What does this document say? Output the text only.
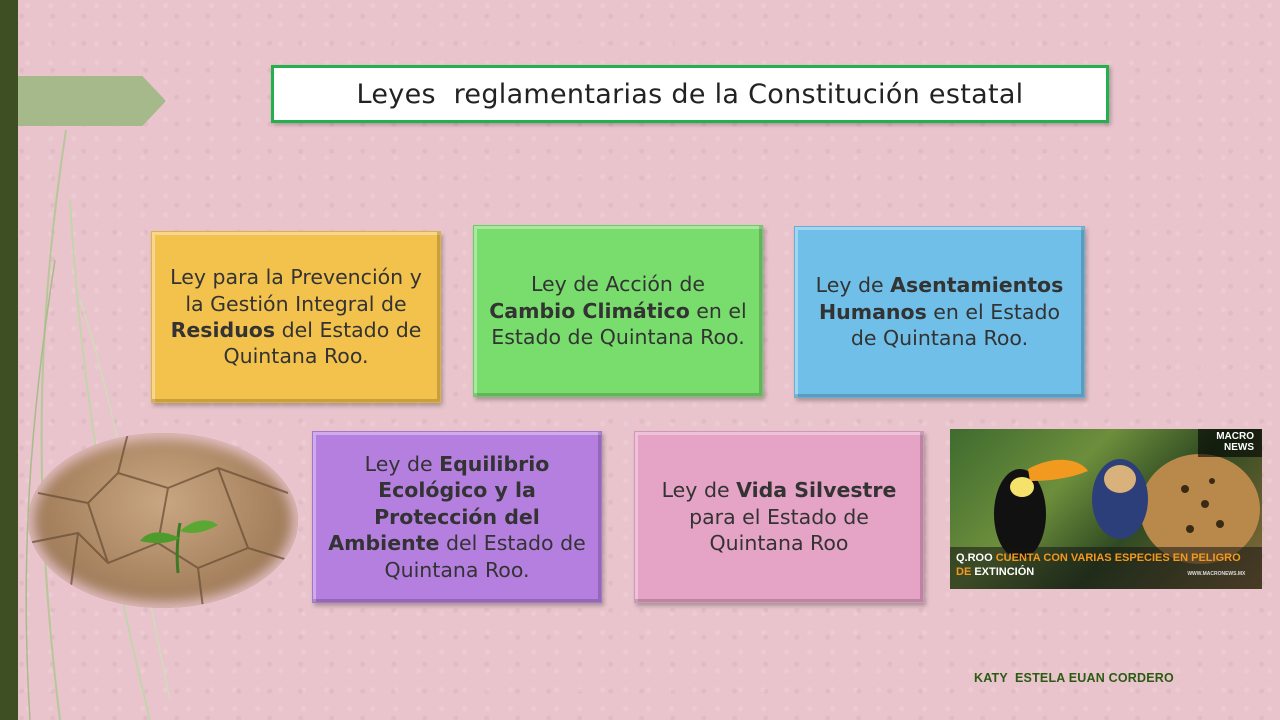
Leyes  reglamentarias de la Constitución estatal
Ley para la Prevención y la Gestión Integral de Residuos del Estado de Quintana Roo.
Ley de Acción de Cambio Climático en el Estado de Quintana Roo.
Ley de Asentamientos Humanos en el Estado de Quintana Roo.
Ley de Equilibrio Ecológico y la Protección del Ambiente del Estado de Quintana Roo.
Ley de Vida Silvestre para el Estado de Quintana Roo
MACRO
NEWS
Q.ROO CUENTA CON VARIAS ESPECIES EN PELIGRO
DE EXTINCIÓN	WWW.MACRONEWS.MX
KATY  ESTELA EUAN CORDERO
